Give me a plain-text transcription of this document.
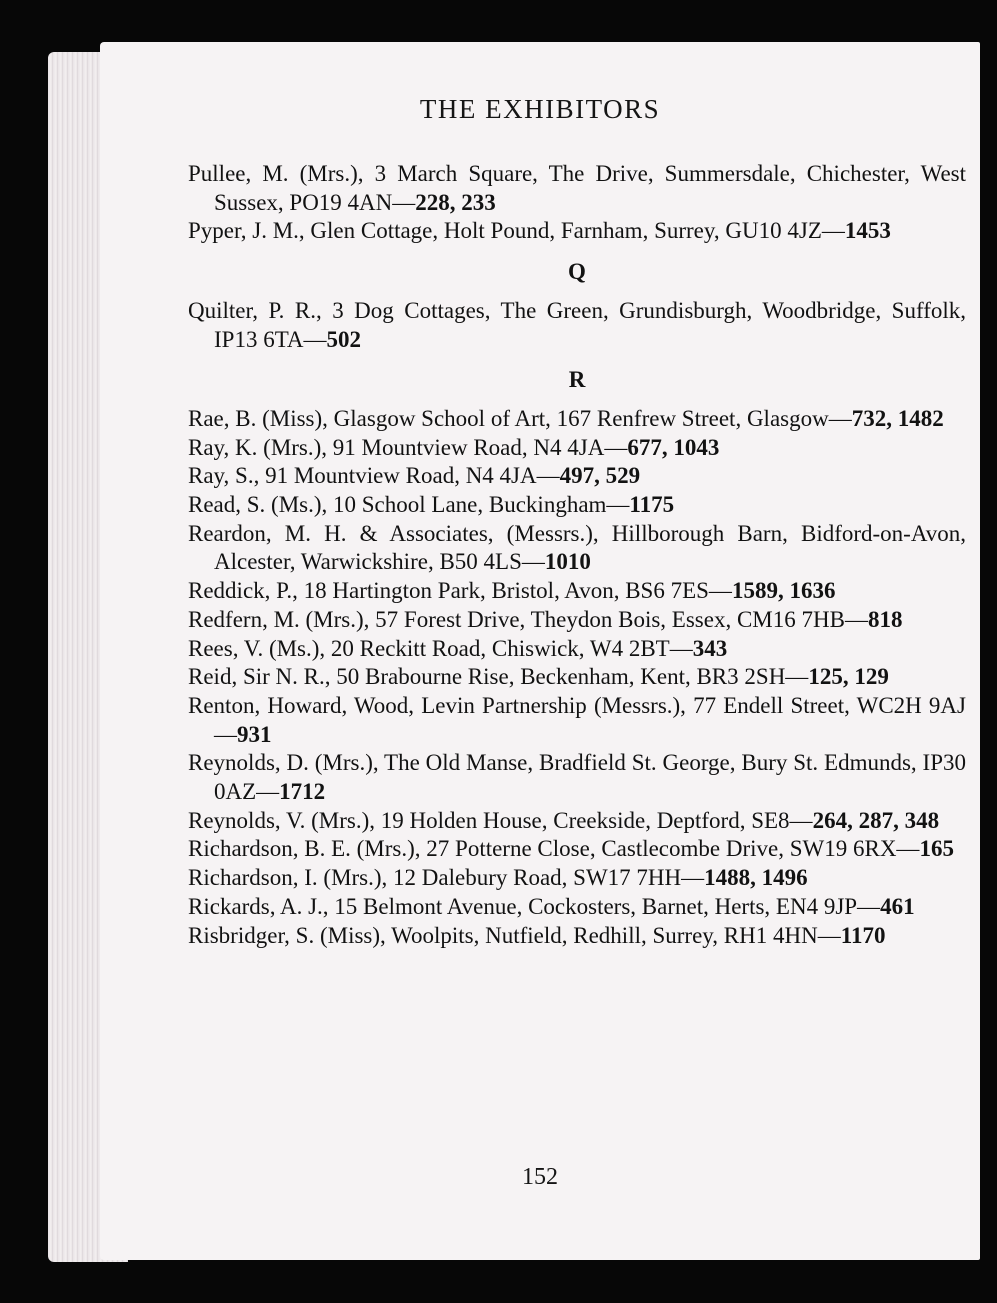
THE EXHIBITORS
Pullee, M. (Mrs.), 3 March Square, The Drive, Summersdale, Chichester, West Sussex, PO19 4AN—228, 233
Pyper, J. M., Glen Cottage, Holt Pound, Farnham, Surrey, GU10 4JZ—1453
Q
Quilter, P. R., 3 Dog Cottages, The Green, Grundisburgh, Woodbridge, Suffolk, IP13 6TA—502
R
Rae, B. (Miss), Glasgow School of Art, 167 Renfrew Street, Glasgow—732, 1482
Ray, K. (Mrs.), 91 Mountview Road, N4 4JA—677, 1043
Ray, S., 91 Mountview Road, N4 4JA—497, 529
Read, S. (Ms.), 10 School Lane, Buckingham—1175
Reardon, M. H. & Associates, (Messrs.), Hillborough Barn, Bidford-on-Avon, Alcester, Warwickshire, B50 4LS—1010
Reddick, P., 18 Hartington Park, Bristol, Avon, BS6 7ES—1589, 1636
Redfern, M. (Mrs.), 57 Forest Drive, Theydon Bois, Essex, CM16 7HB—818
Rees, V. (Ms.), 20 Reckitt Road, Chiswick, W4 2BT—343
Reid, Sir N. R., 50 Brabourne Rise, Beckenham, Kent, BR3 2SH—125, 129
Renton, Howard, Wood, Levin Partnership (Messrs.), 77 Endell Street, WC2H 9AJ—931
Reynolds, D. (Mrs.), The Old Manse, Bradfield St. George, Bury St. Edmunds, IP30 0AZ—1712
Reynolds, V. (Mrs.), 19 Holden House, Creekside, Deptford, SE8—264, 287, 348
Richardson, B. E. (Mrs.), 27 Potterne Close, Castlecombe Drive, SW19 6RX—165
Richardson, I. (Mrs.), 12 Dalebury Road, SW17 7HH—1488, 1496
Rickards, A. J., 15 Belmont Avenue, Cockosters, Barnet, Herts, EN4 9JP—461
Risbridger, S. (Miss), Woolpits, Nutfield, Redhill, Surrey, RH1 4HN—1170
152
